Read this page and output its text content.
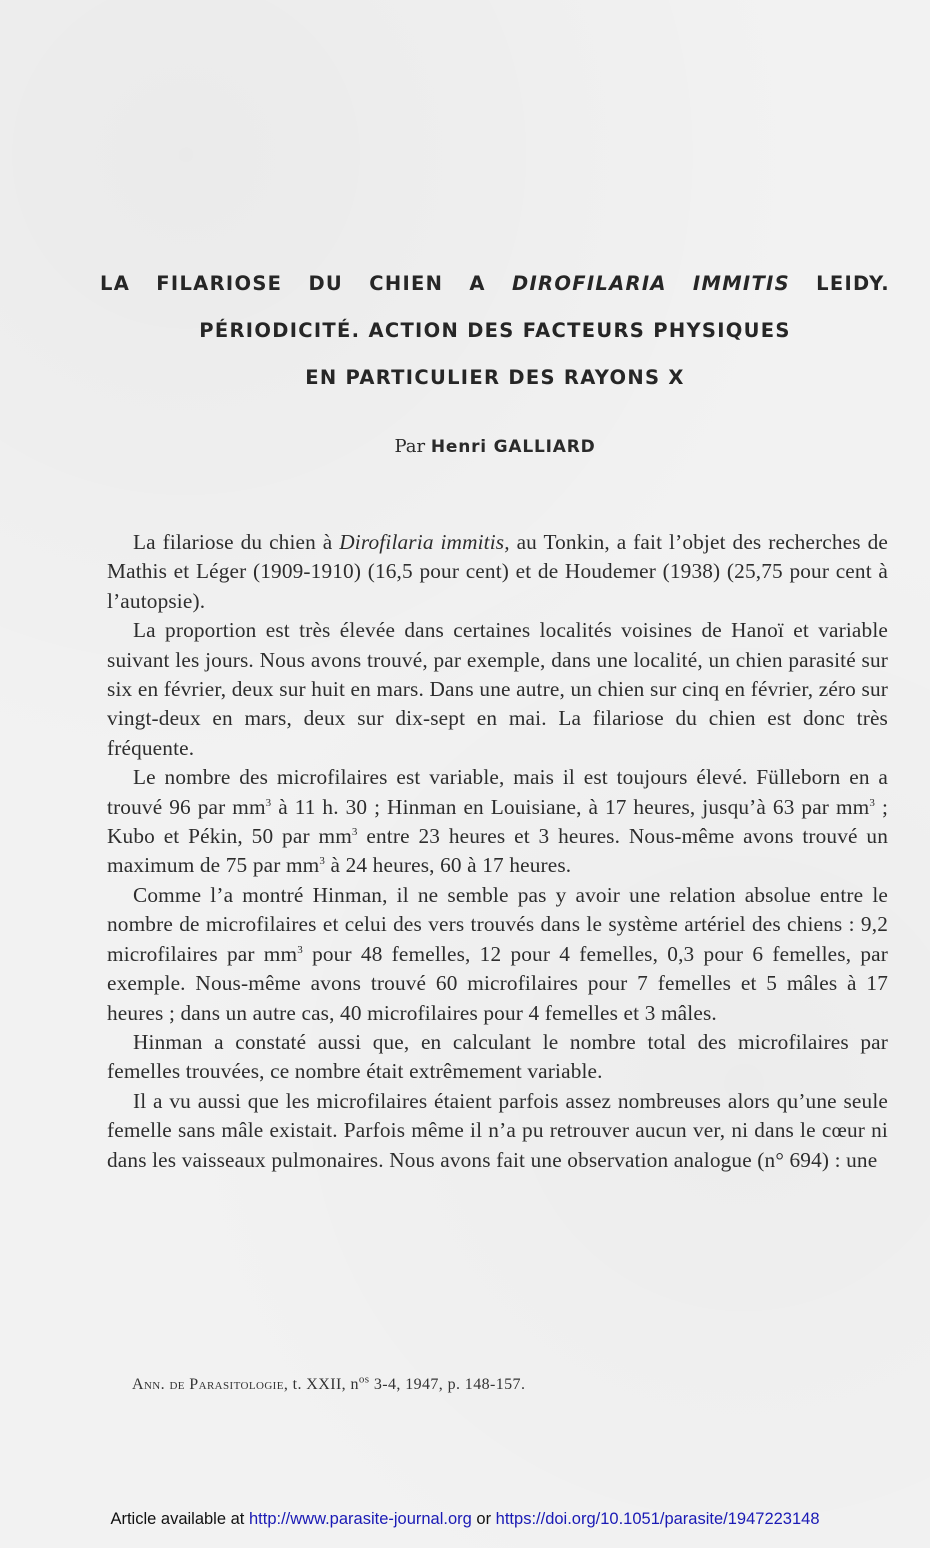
LA FILARIOSE DU CHIEN A DIROFILARIA IMMITIS LEIDY.
PÉRIODICITÉ. ACTION DES FACTEURS PHYSIQUES
EN PARTICULIER DES RAYONS X
Par Henri GALLIARD

La filariose du chien à Dirofilaria immitis, au Tonkin, a fait l’objet des recherches de Mathis et Léger (1909-1910) (16,5 pour cent) et de Houdemer (1938) (25,75 pour cent à l’autopsie).

La proportion est très élevée dans certaines localités voisines de Hanoï et variable suivant les jours. Nous avons trouvé, par exemple, dans une localité, un chien parasité sur six en février, deux sur huit en mars. Dans une autre, un chien sur cinq en février, zéro sur vingt-deux en mars, deux sur dix-sept en mai. La filariose du chien est donc très fréquente.

Le nombre des microfilaires est variable, mais il est toujours élevé. Fülleborn en a trouvé 96 par $mm^3$ à 11 h. 30 ; Hinman en Louisiane, à 17 heures, jusqu’à 63 par $mm^3$ ; Kubo et Pékin, 50 par $mm^3$ entre 23 heures et 3 heures. Nous-même avons trouvé un maximum de 75 par $mm^3$ à 24 heures, 60 à 17 heures.

Comme l’a montré Hinman, il ne semble pas y avoir une relation absolue entre le nombre de microfilaires et celui des vers trouvés dans le système artériel des chiens : 9,2 microfilaires par $mm^3$ pour 48 femelles, 12 pour 4 femelles, 0,3 pour 6 femelles, par exemple. Nous-même avons trouvé 60 microfilaires pour 7 femelles et 5 mâles à 17 heures ; dans un autre cas, 40 microfilaires pour 4 femelles et 3 mâles.

Hinman a constaté aussi que, en calculant le nombre total des microfilaires par femelles trouvées, ce nombre était extrêmement variable.

Il a vu aussi que les microfilaires étaient parfois assez nombreuses alors qu’une seule femelle sans mâle existait. Parfois même il n’a pu retrouver aucun ver, ni dans le cœur ni dans les vaisseaux pulmonaires. Nous avons fait une observation analogue (n° 694) : une

Ann. de Parasitologie, t. XXII, $n^{os}$ 3-4, 1947, p. 148-157.
Article available at http://www.parasite-journal.org or https://doi.org/10.1051/parasite/1947223148
